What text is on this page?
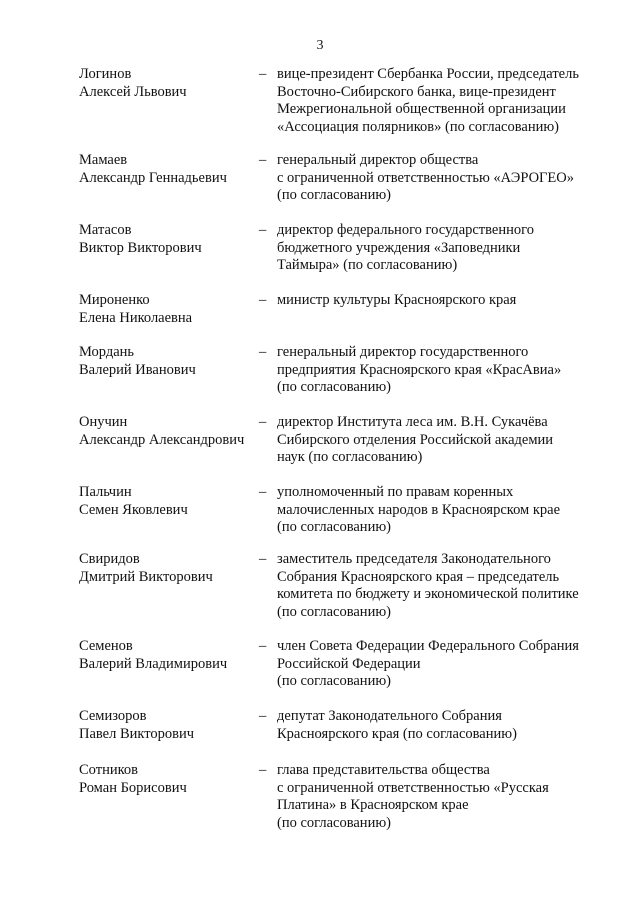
3
Логинов
Алексей Львович
– вице-президент Сбербанка России, председатель
Восточно-Сибирского банка, вице-президент
Межрегиональной общественной организации
«Ассоциация полярников» (по согласованию)
Мамаев
Александр Геннадьевич
– генеральный директор общества
с ограниченной ответственностью «АЭРОГЕО»
(по согласованию)
Матасов
Виктор Викторович
– директор федерального государственного
бюджетного учреждения «Заповедники
Таймыра» (по согласованию)
Мироненко
Елена Николаевна
– министр культуры Красноярского края
Мордань
Валерий Иванович
– генеральный директор государственного
предприятия Красноярского края «КрасАвиа»
(по согласованию)
Онучин
Александр Александрович
– директор Института леса им. В.Н. Сукачёва
Сибирского отделения Российской академии
наук (по согласованию)
Пальчин
Семен Яковлевич
– уполномоченный по правам коренных
малочисленных народов в Красноярском крае
(по согласованию)
Свиридов
Дмитрий Викторович
– заместитель председателя Законодательного
Собрания Красноярского края – председатель
комитета по бюджету и экономической политике
(по согласованию)
Семенов
Валерий Владимирович
– член Совета Федерации Федерального Собрания
Российской Федерации
(по согласованию)
Семизоров
Павел Викторович
– депутат Законодательного Собрания
Красноярского края (по согласованию)
Сотников
Роман Борисович
– глава представительства общества
с ограниченной ответственностью «Русская
Платина» в Красноярском крае
(по согласованию)
